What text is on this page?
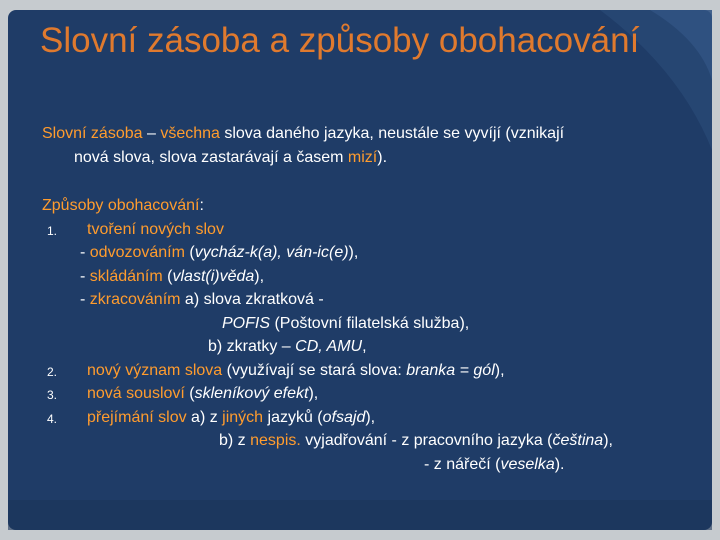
Slovní zásoba a způsoby obohacování
Slovní zásoba – všechna slova daného jazyka, neustále se vyvíjí (vznikají
nová slova, slova zastarávají a časem mizí).
Způsoby obohacování:
1. tvoření nových slov
- odvozováním (vycház-k(a), ván-ic(e)),
- skládáním (vlast(i)věda),
- zkracováním a) slova zkratková -
POFIS (Poštovní filatelská služba),
b) zkratky – CD, AMU,
2. nový význam slova (využívají se stará slova: branka = gól),
3. nová sousloví (skleníkový efekt),
4. přejímání slov a) z jiných jazyků (ofsajd),
b) z nespis. vyjadřování - z pracovního jazyka (čeština),
- z nářečí (veselka).
